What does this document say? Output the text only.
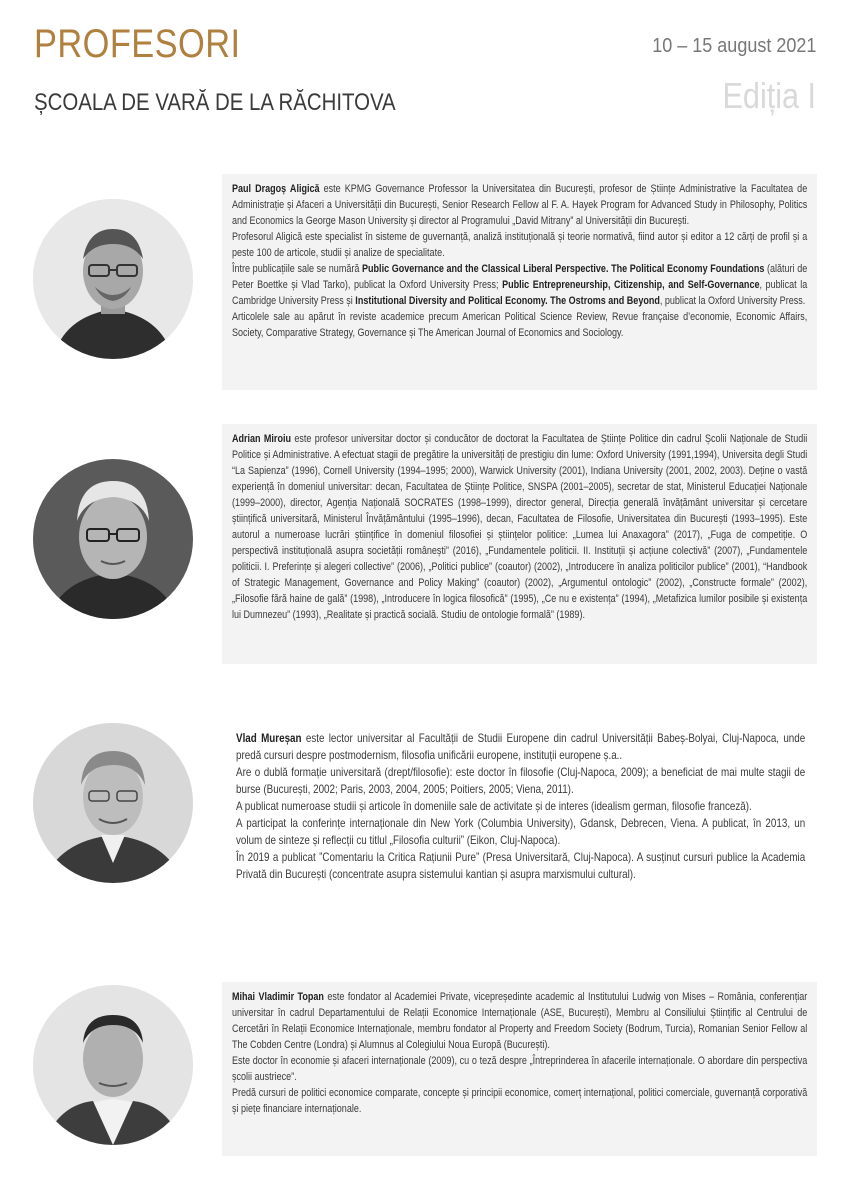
PROFESORI
ȘCOALA DE VARĂ DE LA RĂCHITOVA
10 – 15 august 2021
Ediția I

Paul Dragoș Aligică este KPMG Governance Professor la Universitatea din București, profesor de Științe Administrative la Facultatea de Administrație și Afaceri a Universității din București, Senior Research Fellow al F. A. Hayek Program for Advanced Study in Philosophy, Politics and Economics la George Mason University și director al Programului „David Mitrany” al Universității din București.

Profesorul Aligică este specialist în sisteme de guvernanță, analiză instituțională și teorie normativă, fiind autor și editor a 12 cărți de profil și a peste 100 de articole, studii și analize de specialitate.

Între publicațiile sale se numără Public Governance and the Classical Liberal Perspective. The Political Economy Foundations (alături de Peter Boettke și Vlad Tarko), publicat la Oxford University Press; Public Entrepreneurship, Citizenship, and Self-Governance, publicat la Cambridge University Press și Institutional Diversity and Political Economy. The Ostroms and Beyond, publicat la Oxford University Press.

Articolele sale au apărut în reviste academice precum American Political Science Review, Revue française d’economie, Economic Affairs, Society, Comparative Strategy, Governance și The American Journal of Economics and Sociology.

Adrian Miroiu este profesor universitar doctor și conducător de doctorat la Facultatea de Științe Politice din cadrul Școlii Naționale de Studii Politice și Administrative. A efectuat stagii de pregătire la universități de prestigiu din lume: Oxford University (1991,1994), Universita degli Studi “La Sapienza” (1996), Cornell University (1994–1995; 2000), Warwick University (2001), Indiana University (2001, 2002, 2003). Deține o vastă experiență în domeniul universitar: decan, Facultatea de Științe Politice, SNSPA (2001–2005), secretar de stat, Ministerul Educației Naționale (1999–2000), director, Agenția Națională SOCRATES (1998–1999), director general, Direcția generală învățământ universitar și cercetare științifică universitară, Ministerul Învățământului (1995–1996), decan, Facultatea de Filosofie, Universitatea din București (1993–1995). Este autorul a numeroase lucrări științifice în domeniul filosofiei și științelor politice: „Lumea lui Anaxagora” (2017), „Fuga de competiție. O perspectivă instituțională asupra societății românești” (2016), „Fundamentele politicii. II. Instituții și acțiune colectivă” (2007), „Fundamentele politicii. I. Preferințe și alegeri collective” (2006), „Politici publice” (coautor) (2002), „Introducere în analiza politicilor publice” (2001), “Handbook of Strategic Management, Governance and Policy Making” (coautor) (2002), „Argumentul ontologic” (2002), „Constructe formale” (2002), „Filosofie fără haine de gală” (1998), „Introducere în logica filosofică” (1995), „Ce nu e existența” (1994), „Metafizica lumilor posibile și existența lui Dumnezeu” (1993), „Realitate și practică socială. Studiu de ontologie formală” (1989).

Vlad Mureșan este lector universitar al Facultății de Studii Europene din cadrul Universității Babeș-Bolyai, Cluj-Napoca, unde predă cursuri despre postmodernism, filosofia unificării europene, instituții europene ș.a..

Are o dublă formație universitară (drept/filosofie): este doctor în filosofie (Cluj-Napoca, 2009); a beneficiat de mai multe stagii de burse (București, 2002; Paris, 2003, 2004, 2005; Poitiers, 2005; Viena, 2011).

A publicat numeroase studii și articole în domeniile sale de activitate și de interes (idealism german, filosofie franceză).

A participat la conferințe internaționale din New York (Columbia University), Gdansk, Debrecen, Viena. A publicat, în 2013, un volum de sinteze și reflecții cu titlul „Filosofia culturii” (Eikon, Cluj-Napoca).

În 2019 a publicat ”Comentariu la Critica Rațiunii Pure” (Presa Universitară, Cluj-Napoca). A susținut cursuri publice la Academia Privată din București (concentrate asupra sistemului kantian și asupra marxismului cultural).

Mihai Vladimir Topan este fondator al Academiei Private, vicepreședinte academic al Institutului Ludwig von Mises – România, conferențiar universitar în cadrul Departamentului de Relații Economice Internaționale (ASE, București), Membru al Consiliului Științific al Centrului de Cercetări în Relații Economice Internaționale, membru fondator al Property and Freedom Society (Bodrum, Turcia), Romanian Senior Fellow al The Cobden Centre (Londra) și Alumnus al Colegiului Noua Europă (București).

Este doctor în economie și afaceri internaționale (2009), cu o teză despre „Întreprinderea în afacerile internaționale. O abordare din perspectiva școlii austriece”.

Predă cursuri de politici economice comparate, concepte și principii economice, comerț internațional, politici comerciale, guvernanță corporativă și piețe financiare internaționale.
